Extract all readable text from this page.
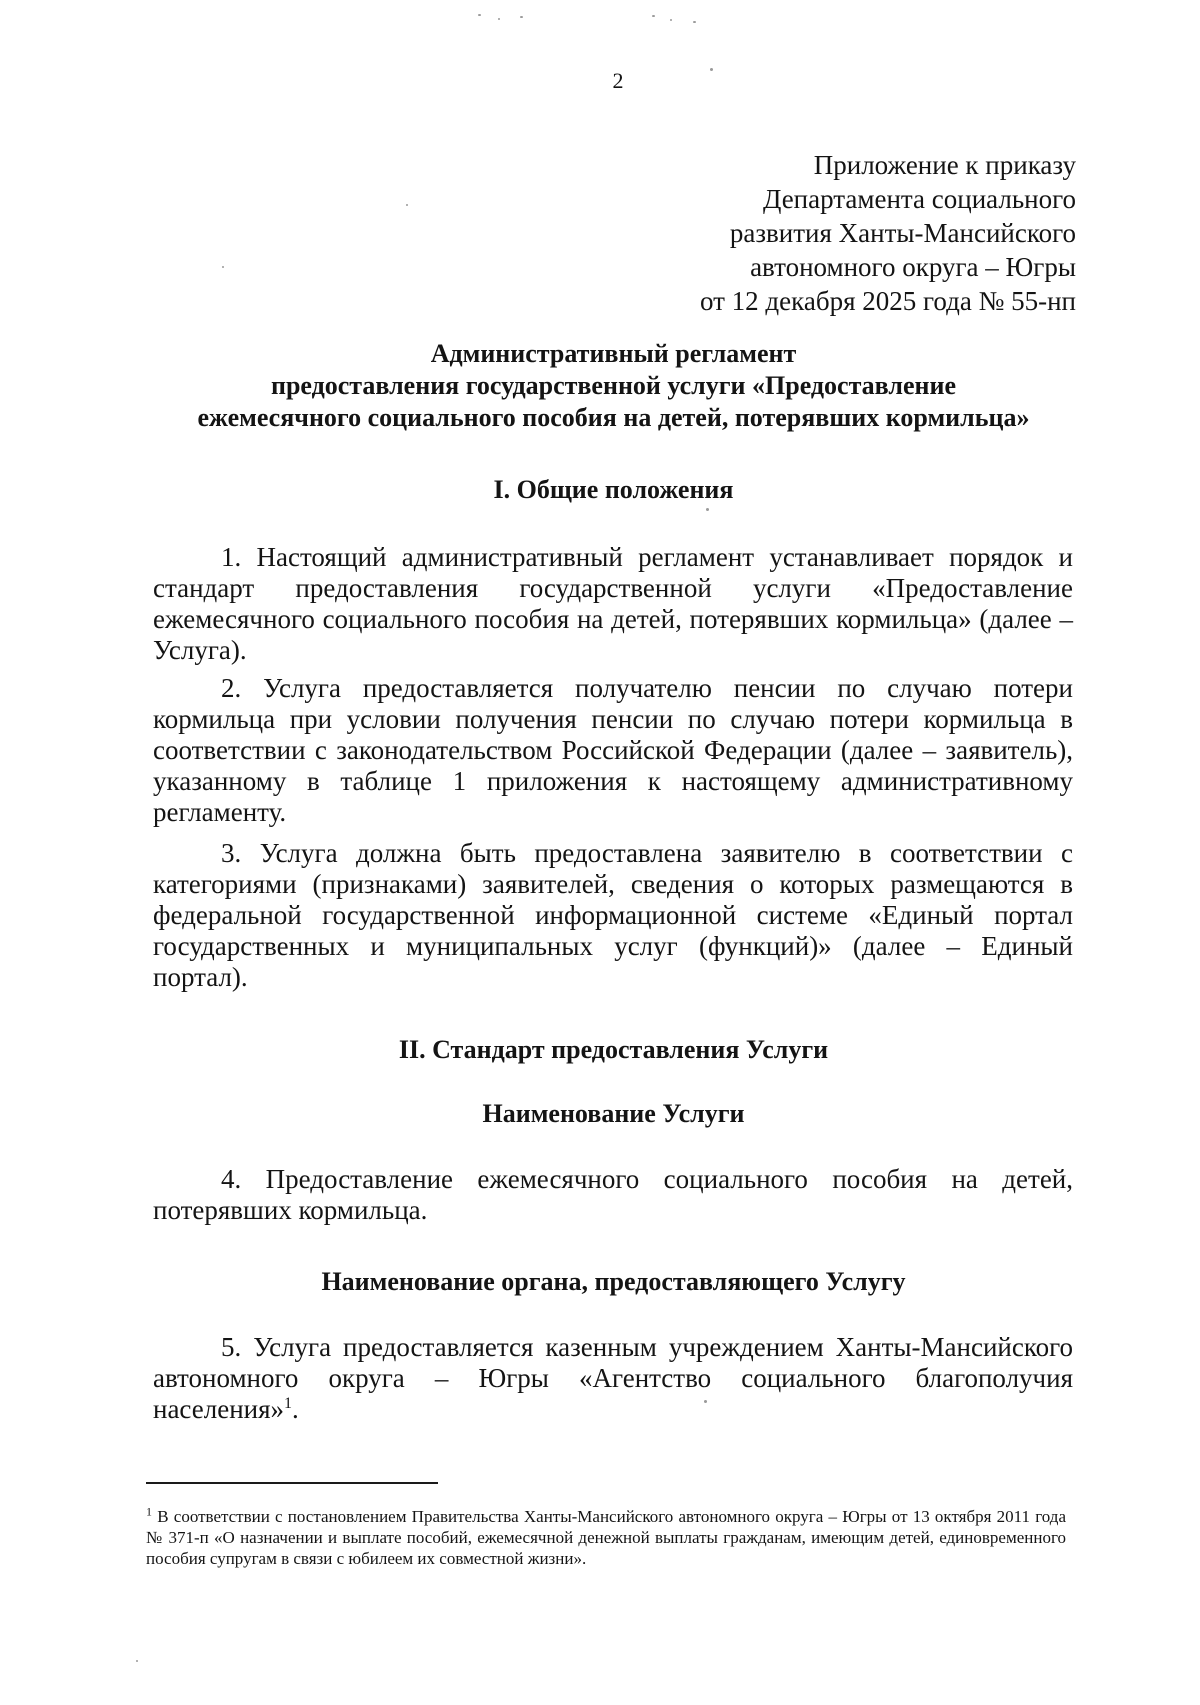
2
Приложение к приказу
Департамента социального
развития Ханты-Мансийского
автономного округа – Югры
от 12 декабря 2025 года № 55-нп
Административный регламент
предоставления государственной услуги «Предоставление
ежемесячного социального пособия на детей, потерявших кормильца»
I. Общие положения
1. Настоящий административный регламент устанавливает порядок и стандарт предоставления государственной услуги «Предоставление ежемесячного социального пособия на детей, потерявших кормильца» (далее – Услуга).
2. Услуга предоставляется получателю пенсии по случаю потери кормильца при условии получения пенсии по случаю потери кормильца в соответствии с законодательством Российской Федерации (далее – заявитель), указанному в таблице 1 приложения к настоящему административному регламенту.
3. Услуга должна быть предоставлена заявителю в соответствии с категориями (признаками) заявителей, сведения о которых размещаются в федеральной государственной информационной системе «Единый портал государственных и муниципальных услуг (функций)» (далее – Единый портал).
II. Стандарт предоставления Услуги
Наименование Услуги
4. Предоставление ежемесячного социального пособия на детей, потерявших кормильца.
Наименование органа, предоставляющего Услугу
5. Услуга предоставляется казенным учреждением Ханты-Мансийского автономного округа – Югры «Агентство социального благополучия населения»$^1$.
$^1$ В соответствии с постановлением Правительства Ханты-Мансийского автономного округа – Югры от 13 октября 2011 года № 371-п «О назначении и выплате пособий, ежемесячной денежной выплаты гражданам, имеющим детей, единовременного пособия супругам в связи с юбилеем их совместной жизни».
